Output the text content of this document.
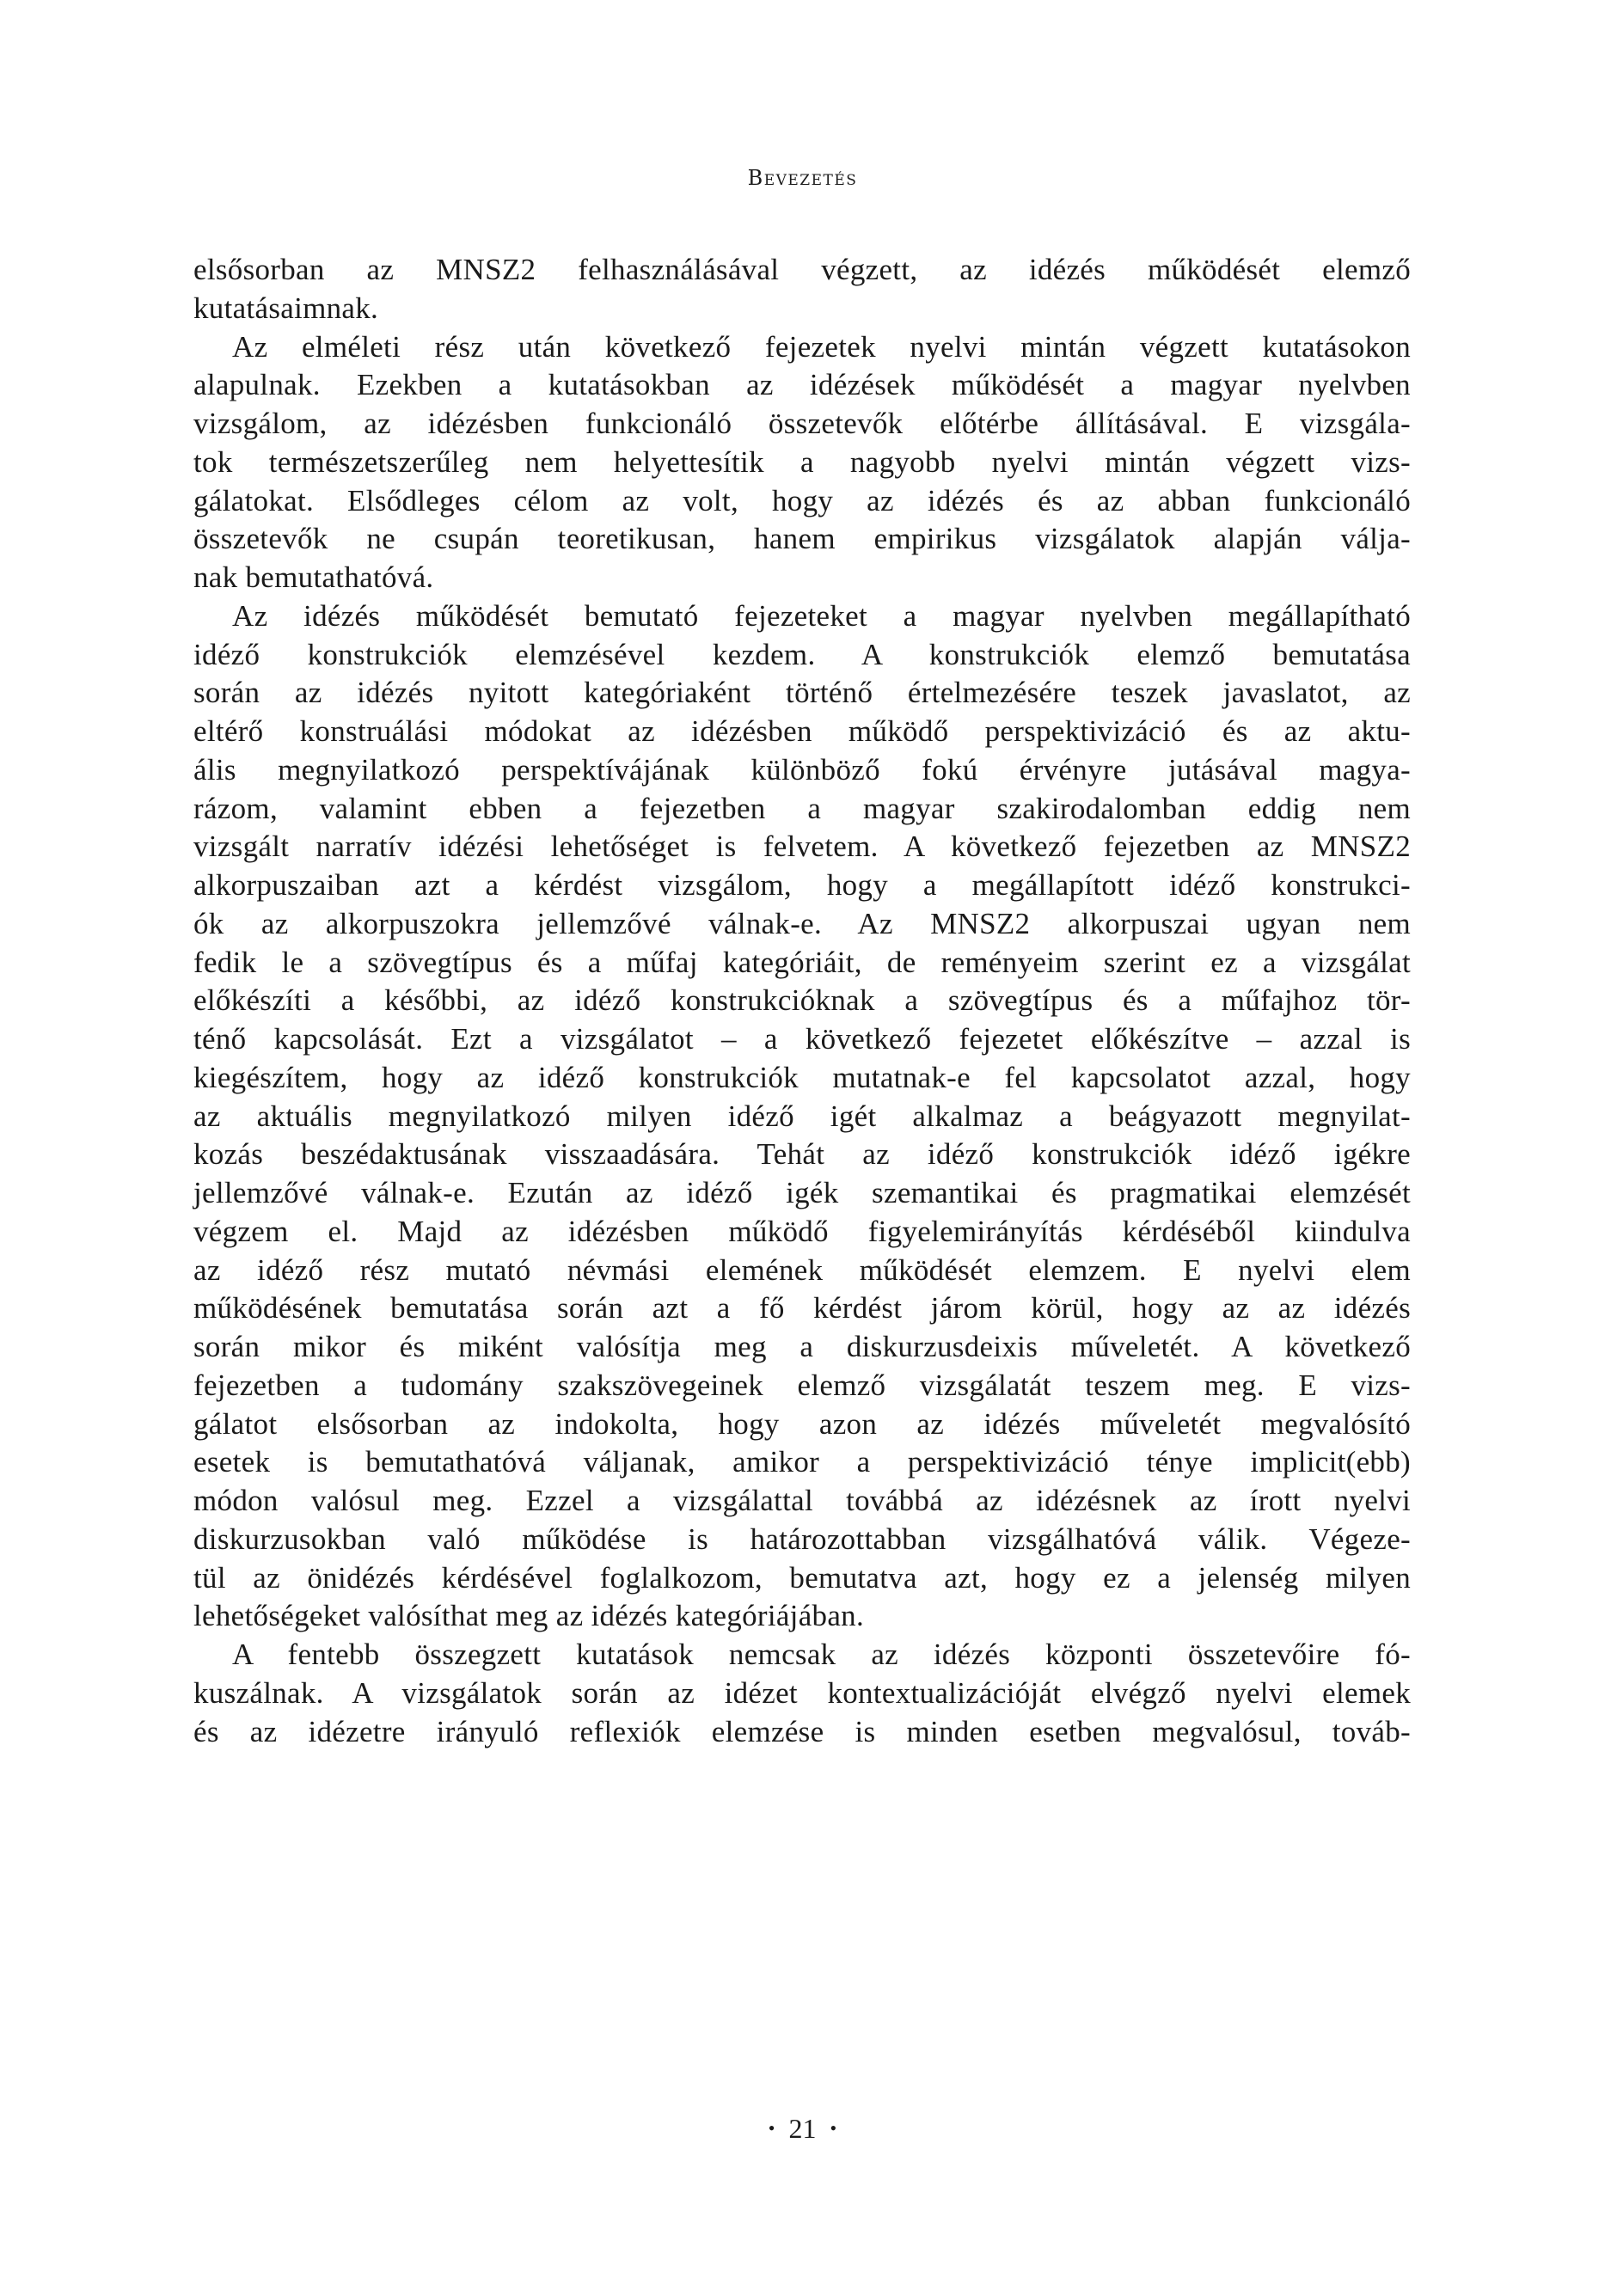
Bevezetés
elsősorban az MNSZ2 felhasználásával végzett, az idézés működését elemző
kutatásaimnak.
Az elméleti rész után következő fejezetek nyelvi mintán végzett kutatásokon
alapulnak. Ezekben a kutatásokban az idézések működését a magyar nyelvben
vizsgálom, az idézésben funkcionáló összetevők előtérbe állításával. E vizsgála-
tok természetszerűleg nem helyettesítik a nagyobb nyelvi mintán végzett vizs-
gálatokat. Elsődleges célom az volt, hogy az idézés és az abban funkcionáló
összetevők ne csupán teoretikusan, hanem empirikus vizsgálatok alapján válja-
nak bemutathatóvá.
Az idézés működését bemutató fejezeteket a magyar nyelvben megállapítható
idéző konstrukciók elemzésével kezdem. A konstrukciók elemző bemutatása
során az idézés nyitott kategóriaként történő értelmezésére teszek javaslatot, az
eltérő konstruálási módokat az idézésben működő perspektivizáció és az aktu-
ális megnyilatkozó perspektívájának különböző fokú érvényre jutásával magya-
rázom, valamint ebben a fejezetben a magyar szakirodalomban eddig nem
vizsgált narratív idézési lehetőséget is felvetem. A következő fejezetben az MNSZ2
alkorpuszaiban azt a kérdést vizsgálom, hogy a megállapított idéző konstrukci-
ók az alkorpuszokra jellemzővé válnak-e. Az MNSZ2 alkorpuszai ugyan nem
fedik le a szövegtípus és a műfaj kategóriáit, de reményeim szerint ez a vizsgálat
előkészíti a későbbi, az idéző konstrukcióknak a szövegtípus és a műfajhoz tör-
ténő kapcsolását. Ezt a vizsgálatot – a következő fejezetet előkészítve – azzal is
kiegészítem, hogy az idéző konstrukciók mutatnak-e fel kapcsolatot azzal, hogy
az aktuális megnyilatkozó milyen idéző igét alkalmaz a beágyazott megnyilat-
kozás beszédaktusának visszaadására. Tehát az idéző konstrukciók idéző igékre
jellemzővé válnak-e. Ezután az idéző igék szemantikai és pragmatikai elemzését
végzem el. Majd az idézésben működő figyelemirányítás kérdéséből kiindulva
az idéző rész mutató névmási elemének működését elemzem. E nyelvi elem
működésének bemutatása során azt a fő kérdést járom körül, hogy az az idézés
során mikor és miként valósítja meg a diskurzusdeixis műveletét. A következő
fejezetben a tudomány szakszövegeinek elemző vizsgálatát teszem meg. E vizs-
gálatot elsősorban az indokolta, hogy azon az idézés műveletét megvalósító
esetek is bemutathatóvá váljanak, amikor a perspektivizáció ténye implicit(ebb)
módon valósul meg. Ezzel a vizsgálattal továbbá az idézésnek az írott nyelvi
diskurzusokban való működése is határozottabban vizsgálhatóvá válik. Végeze-
tül az önidézés kérdésével foglalkozom, bemutatva azt, hogy ez a jelenség milyen
lehetőségeket valósíthat meg az idézés kategóriájában.
A fentebb összegzett kutatások nemcsak az idézés központi összetevőire fó-
kuszálnak. A vizsgálatok során az idézet kontextualizációját elvégző nyelvi elemek
és az idézetre irányuló reflexiók elemzése is minden esetben megvalósul, továb-
• 21 •
